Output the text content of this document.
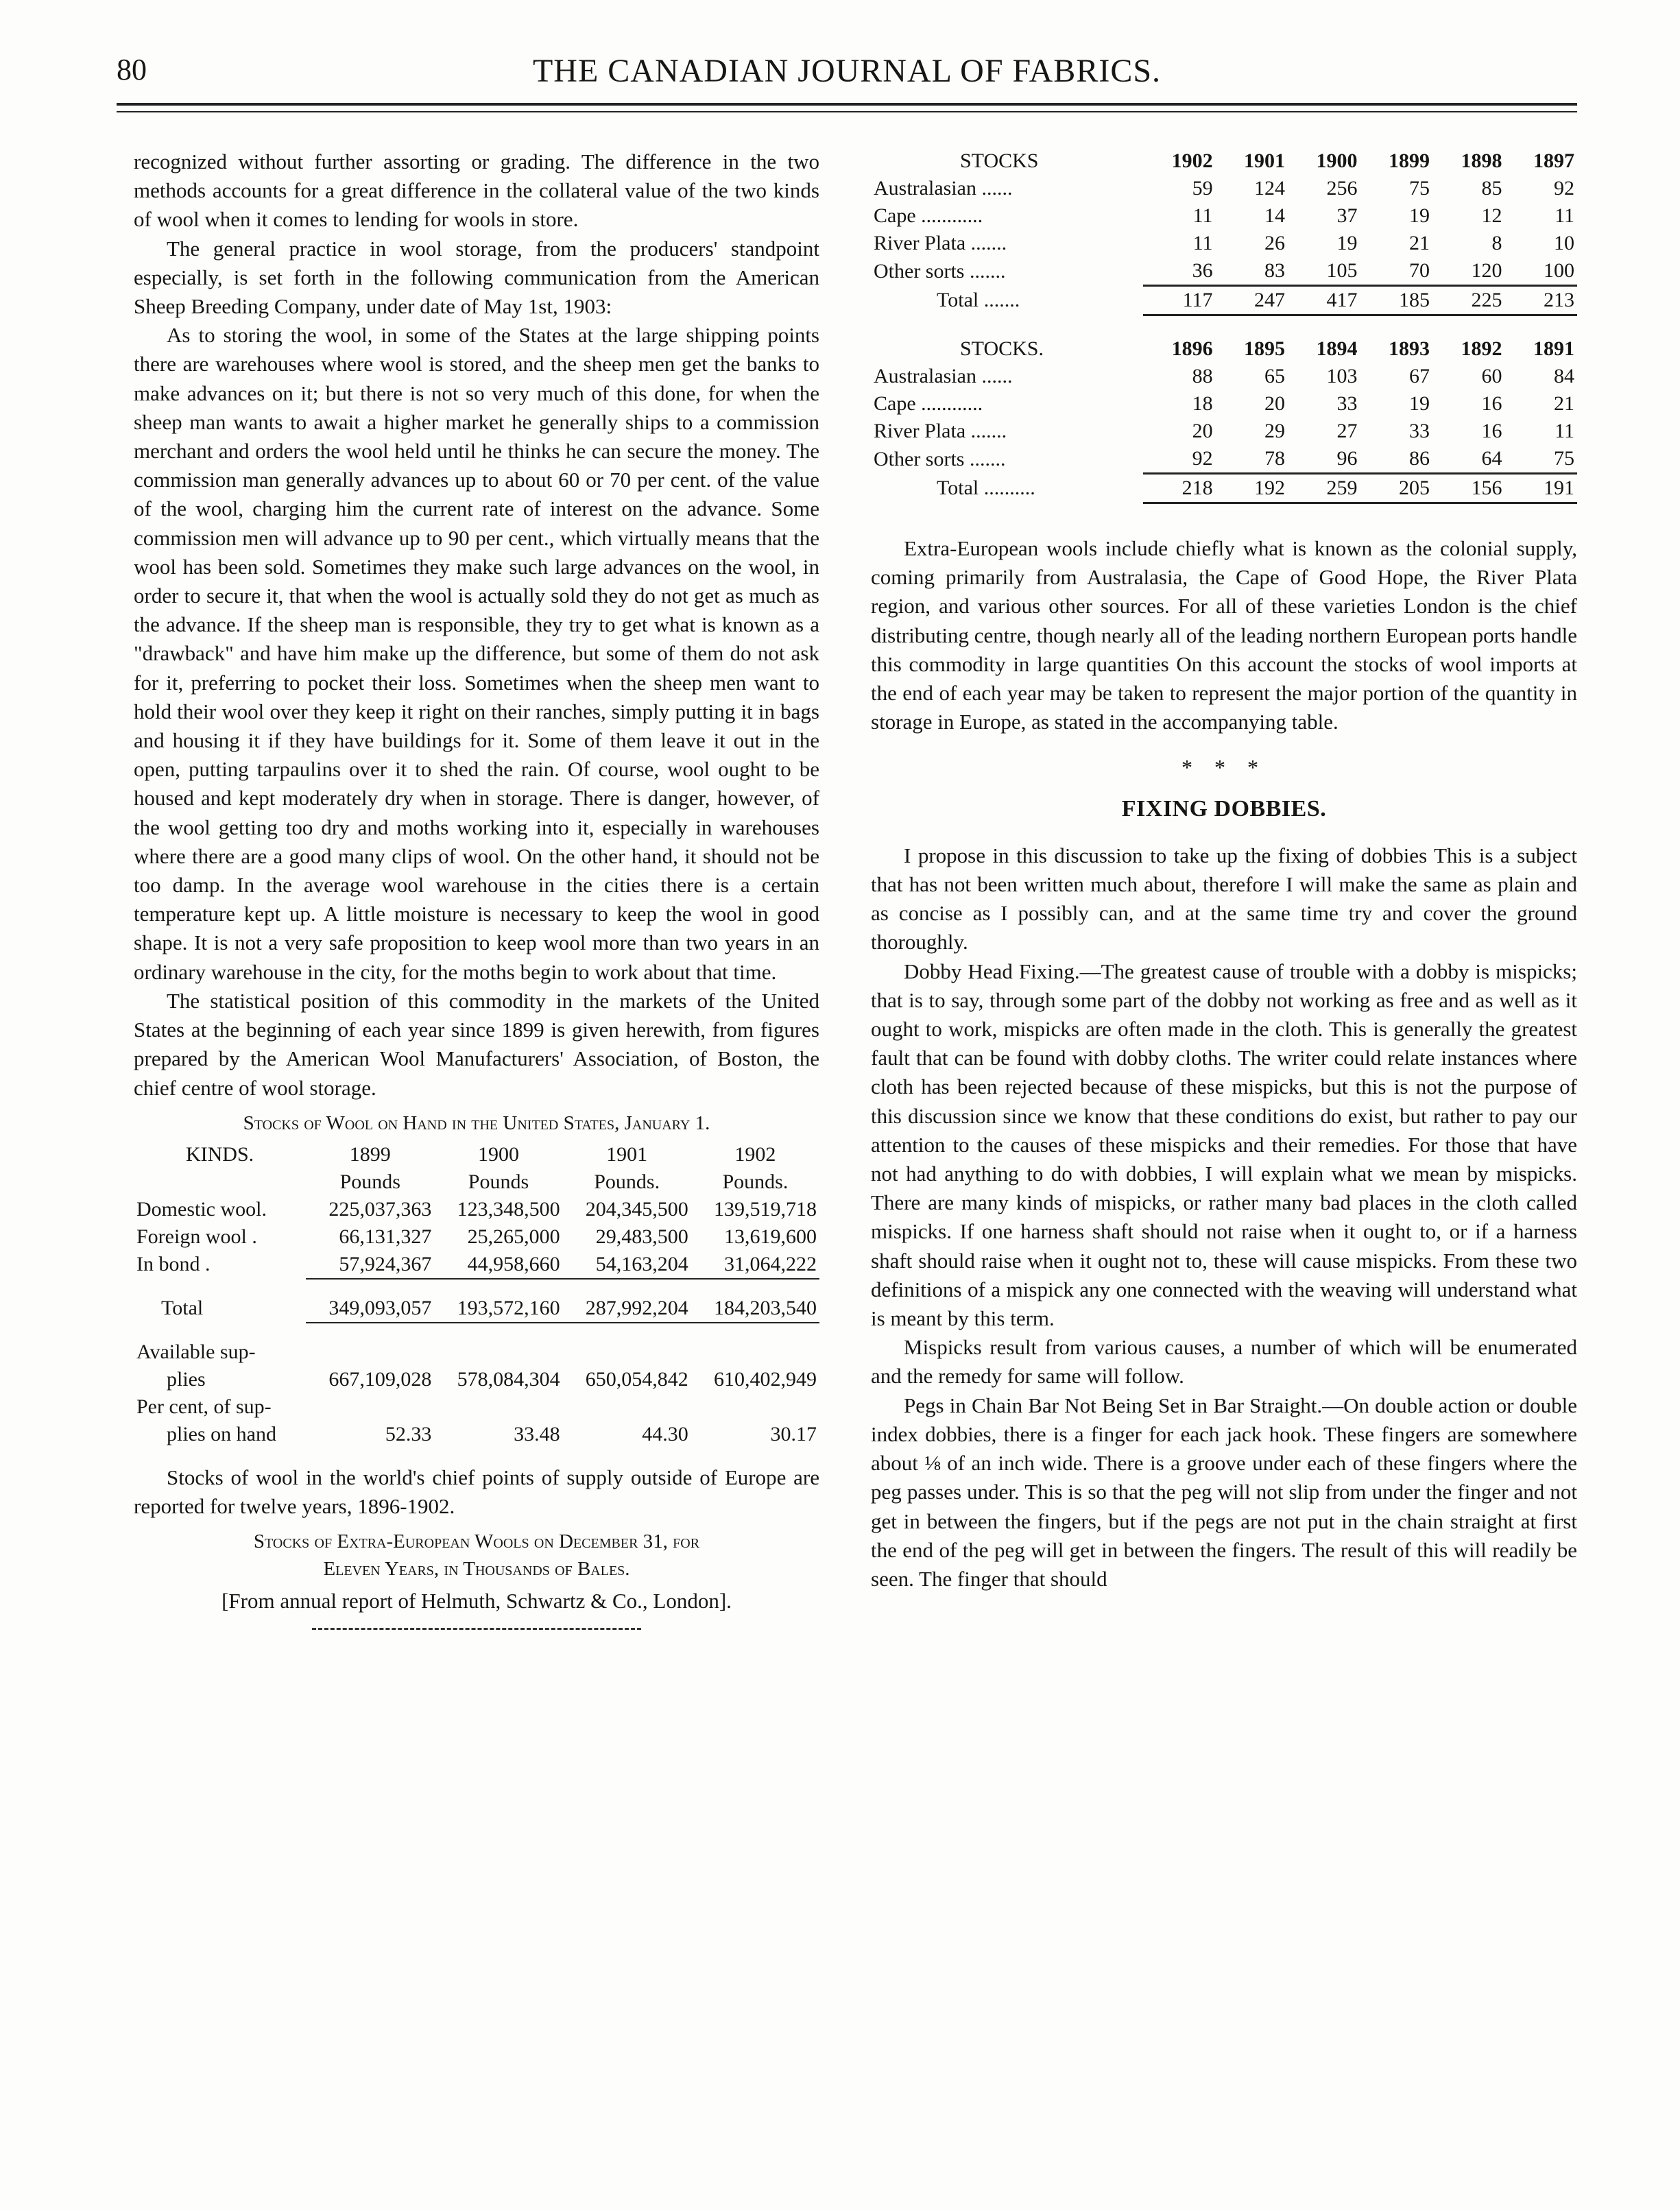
80	THE CANADIAN JOURNAL OF FABRICS.

recognized without further assorting or grading. The difference in the two methods accounts for a great difference in the collateral value of the two kinds of wool when it comes to lending for wools in store.

The general practice in wool storage, from the producers' standpoint especially, is set forth in the following communication from the American Sheep Breeding Company, under date of May 1st, 1903:

As to storing the wool, in some of the States at the large shipping points there are warehouses where wool is stored, and the sheep men get the banks to make advances on it; but there is not so very much of this done, for when the sheep man wants to await a higher market he generally ships to a commission merchant and orders the wool held until he thinks he can secure the money. The commission man generally advances up to about 60 or 70 per cent. of the value of the wool, charging him the current rate of interest on the advance. Some commission men will advance up to 90 per cent., which virtually means that the wool has been sold. Sometimes they make such large advances on the wool, in order to secure it, that when the wool is actually sold they do not get as much as the advance. If the sheep man is responsible, they try to get what is known as a "drawback" and have him make up the difference, but some of them do not ask for it, preferring to pocket their loss. Sometimes when the sheep men want to hold their wool over they keep it right on their ranches, simply putting it in bags and housing it if they have buildings for it. Some of them leave it out in the open, putting tarpaulins over it to shed the rain. Of course, wool ought to be housed and kept moderately dry when in storage. There is danger, however, of the wool getting too dry and moths working into it, especially in warehouses where there are a good many clips of wool. On the other hand, it should not be too damp. In the average wool warehouse in the cities there is a certain temperature kept up. A little moisture is necessary to keep the wool in good shape. It is not a very safe proposition to keep wool more than two years in an ordinary warehouse in the city, for the moths begin to work about that time.

The statistical position of this commodity in the markets of the United States at the beginning of each year since 1899 is given herewith, from figures prepared by the American Wool Manufacturers' Association, of Boston, the chief centre of wool storage.

Stocks of Wool on Hand in the United States, January 1.
KINDS.	1899	1900	1901	1902
	Pounds	Pounds	Pounds.	Pounds.
Domestic wool.	225,037,363	123,348,500	204,345,500	139,519,718
Foreign wool .	66,131,327	25,265,000	29,483,500	13,619,600
In bond .	57,924,367	44,958,660	54,163,204	31,064,222

Total	349,093,057	193,572,160	287,992,204	184,203,540

Available sup-				
plies	667,109,028	578,084,304	650,054,842	610,402,949
Per cent, of sup-				
plies on hand	52.33	33.48	44.30	30.17

Stocks of wool in the world's chief points of supply outside of Europe are reported for twelve years, 1896-1902.

Stocks of Extra-European Wools on December 31, for
Eleven Years, in Thousands of Bales.
[From annual report of Helmuth, Schwartz & Co., London].
STOCKS	1902	1901	1900	1899	1898	1897
Australasian ......	59	124	256	75	85	92
Cape ............	11	14	37	19	12	11
River Plata .......	11	26	19	21	8	10
Other sorts .......	36	83	105	70	120	100
Total .......	117	247	417	185	225	213

STOCKS.	1896	1895	1894	1893	1892	1891
Australasian ......	88	65	103	67	60	84
Cape ............	18	20	33	19	16	21
River Plata .......	20	29	27	33	16	11
Other sorts .......	92	78	96	86	64	75
Total ..........	218	192	259	205	156	191

Extra-European wools include chiefly what is known as the colonial supply, coming primarily from Australasia, the Cape of Good Hope, the River Plata region, and various other sources. For all of these varieties London is the chief distributing centre, though nearly all of the leading northern European ports handle this commodity in large quantities On this account the stocks of wool imports at the end of each year may be taken to represent the major portion of the quantity in storage in Europe, as stated in the accompanying table.

* * *
FIXING DOBBIES.

I propose in this discussion to take up the fixing of dobbies This is a subject that has not been written much about, therefore I will make the same as plain and as concise as I possibly can, and at the same time try and cover the ground thoroughly.

Dobby Head Fixing.—The greatest cause of trouble with a dobby is mispicks; that is to say, through some part of the dobby not working as free and as well as it ought to work, mispicks are often made in the cloth. This is generally the greatest fault that can be found with dobby cloths. The writer could relate instances where cloth has been rejected because of these mispicks, but this is not the purpose of this discussion since we know that these conditions do exist, but rather to pay our attention to the causes of these mispicks and their remedies. For those that have not had anything to do with dobbies, I will explain what we mean by mispicks. There are many kinds of mispicks, or rather many bad places in the cloth called mispicks. If one harness shaft should not raise when it ought to, or if a harness shaft should raise when it ought not to, these will cause mispicks. From these two definitions of a mispick any one connected with the weaving will understand what is meant by this term.

Mispicks result from various causes, a number of which will be enumerated and the remedy for same will follow.

Pegs in Chain Bar Not Being Set in Bar Straight.—On double action or double index dobbies, there is a finger for each jack hook. These fingers are somewhere about ⅛ of an inch wide. There is a groove under each of these fingers where the peg passes under. This is so that the peg will not slip from under the finger and not get in between the fingers, but if the pegs are not put in the chain straight at first the end of the peg will get in between the fingers. The result of this will readily be seen. The finger that should
